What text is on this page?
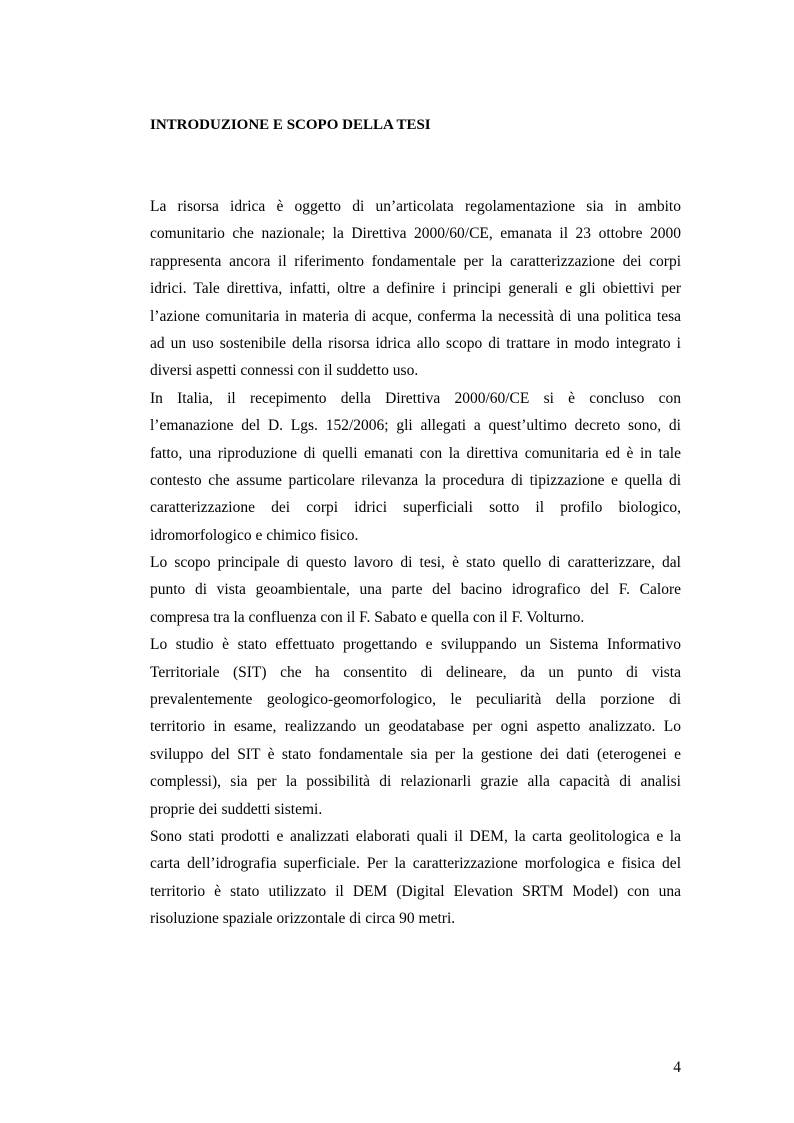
INTRODUZIONE E SCOPO DELLA TESI

La risorsa idrica è oggetto di un’articolata regolamentazione sia in ambito
comunitario che nazionale; la Direttiva 2000/60/CE, emanata il 23 ottobre 2000
rappresenta ancora il riferimento fondamentale per la caratterizzazione dei corpi
idrici. Tale direttiva, infatti, oltre a definire i principi generali e gli obiettivi per
l’azione comunitaria in materia di acque, conferma la necessità di una politica tesa
ad un uso sostenibile della risorsa idrica allo scopo di trattare in modo integrato i
diversi aspetti connessi con il suddetto uso.

In Italia, il recepimento della Direttiva 2000/60/CE si è concluso con
l’emanazione del D. Lgs. 152/2006; gli allegati a quest’ultimo decreto sono, di
fatto, una riproduzione di quelli emanati con la direttiva comunitaria ed è in tale
contesto che assume particolare rilevanza la procedura di tipizzazione e quella di
caratterizzazione dei corpi idrici superficiali sotto il profilo biologico,
idromorfologico e chimico fisico.

Lo scopo principale di questo lavoro di tesi, è stato quello di caratterizzare, dal
punto di vista geoambientale, una parte del bacino idrografico del F. Calore
compresa tra la confluenza con il F. Sabato e quella con il F. Volturno.

Lo studio è stato effettuato progettando e sviluppando un Sistema Informativo
Territoriale (SIT) che ha consentito di delineare, da un punto di vista
prevalentemente geologico-geomorfologico, le peculiarità della porzione di
territorio in esame, realizzando un geodatabase per ogni aspetto analizzato. Lo
sviluppo del SIT è stato fondamentale sia per la gestione dei dati (eterogenei e
complessi), sia per la possibilità di relazionarli grazie alla capacità di analisi
proprie dei suddetti sistemi.

Sono stati prodotti e analizzati elaborati quali il DEM, la carta geolitologica e la
carta dell’idrografia superficiale. Per la caratterizzazione morfologica e fisica del
territorio è stato utilizzato il DEM (Digital Elevation SRTM Model) con una
risoluzione spaziale orizzontale di circa 90 metri.

4
